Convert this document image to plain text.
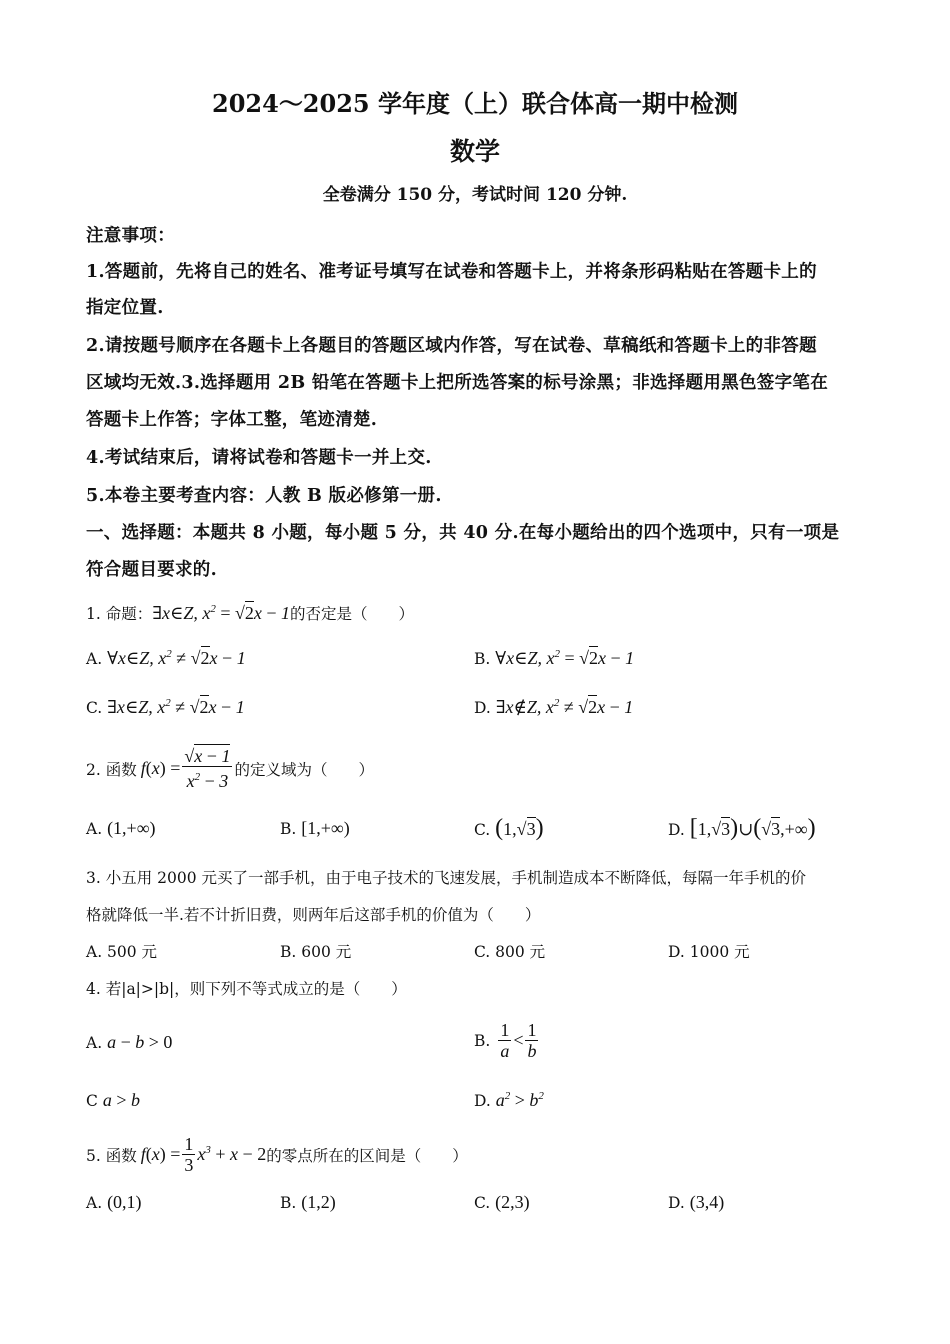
2024～2025 学年度（上）联合体高一期中检测
数学
全卷满分 150 分，考试时间 120 分钟.
注意事项：
1.答题前，先将自己的姓名、准考证号填写在试卷和答题卡上，并将条形码粘贴在答题卡上的
指定位置.
2.请按题号顺序在各题卡上各题目的答题区域内作答，写在试卷、草稿纸和答题卡上的非答题
区域均无效.3.选择题用 2B 铅笔在答题卡上把所选答案的标号涂黑；非选择题用黑色签字笔在
答题卡上作答；字体工整，笔迹清楚.
4.考试结束后，请将试卷和答题卡一并上交.
5.本卷主要考查内容：人教 B 版必修第一册.
一、选择题：本题共 8 小题，每小题 5 分，共 40 分.在每小题给出的四个选项中，只有一项是
符合题目要求的.
1. 命题：∃x∈Z, $x^2 = √2x - 1$的否定是（　　）
A. ∀x∈Z, $x^2 \ne √2x - 1$	B. ∀x∈Z, $x^2 = √2x - 1$
C. ∃x∈Z, $x^2 \ne √2x - 1$	D. ∃x∉Z, $x^2 \ne √2x - 1$
2. 函数 $f(x) = \frac{√x - 1}{x^2 - 3}$ 的定义域为（　　）
A. (1,+∞)	B. [1,+∞)	C. (1,√3)	D. [1,√3)∪(√3,+∞)
3. 小五用 2000 元买了一部手机，由于电子技术的飞速发展，手机制造成本不断降低，每隔一年手机的价
格就降低一半.若不计折旧费，则两年后这部手机的价值为（　　）
A. 500 元	B. 600 元	C. 800 元	D. 1000 元
4. 若|a|>|b|，则下列不等式成立的是（　　）
A. a − b > 0	B. $\frac{1}{a} < \frac{1}{b}$
C a > b	D. $a^2 > b^2$
5. 函数 $f(x) = \frac{1}{3} x^3 + x - 2$ 的零点所在的区间是（　　）
A. (0,1)	B. (1,2)	C. (2,3)	D. (3,4)
